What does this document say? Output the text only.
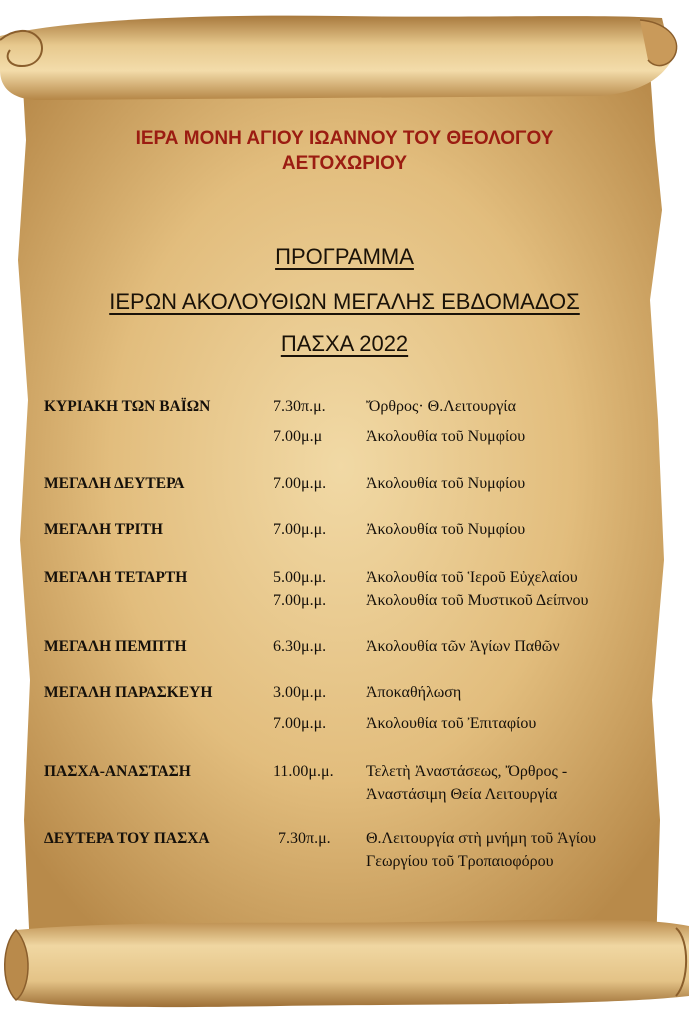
ΙΕΡΑ ΜΟΝΗ ΑΓΙΟΥ ΙΩΑΝΝΟΥ ΤΟΥ ΘΕΟΛΟΓΟΥ
ΑΕΤΟΧΩΡΙΟΥ
ΠΡΟΓΡΑΜΜΑ
ΙΕΡΩΝ ΑΚΟΛΟΥΘΙΩΝ ΜΕΓΑΛΗΣ ΕΒΔΟΜΑΔΟΣ
ΠΑΣΧΑ 2022
ΚΥΡΙΑΚΗ ΤΩΝ ΒΑΪΩΝ	7.30π.μ.	Ὄρθρος· Θ.Λειτουργία
7.00μ.μ	Ἀκολουθία τοῦ Νυμφίου
ΜΕΓΑΛΗ ΔΕΥΤΕΡΑ	7.00μ.μ. Ἀκολουθία τοῦ Νυμφίου
ΜΕΓΑΛΗ ΤΡΙΤΗ	7.00μ.μ. Ἀκολουθία τοῦ Νυμφίου
ΜΕΓΑΛΗ ΤΕΤΑΡΤΗ	5.00μ.μ. Ἀκολουθία τοῦ Ἱεροῦ Εὐχελαίου
7.00μ.μ. Ἀκολουθία τοῦ Μυστικοῦ Δείπνου
ΜΕΓΑΛΗ ΠΕΜΠΤΗ	6.30μ.μ. Ἀκολουθία τῶν Ἁγίων Παθῶν
ΜΕΓΑΛΗ ΠΑΡΑΣΚΕΥΗ	3.00μ.μ. Ἀποκαθήλωση
7.00μ.μ. Ἀκολουθία τοῦ Ἐπιταφίου
ΠΑΣΧΑ-ΑΝΑΣΤΑΣΗ	11.00μ.μ. Τελετὴ Ἀναστάσεως, Ὄρθρος -
Ἀναστάσιμη Θεία Λειτουργία
ΔΕΥΤΕΡΑ ΤΟΥ ΠΑΣΧΑ	7.30π.μ. Θ.Λειτουργία στὴ μνήμη τοῦ Ἁγίου
Γεωργίου τοῦ Τροπαιοφόρου
